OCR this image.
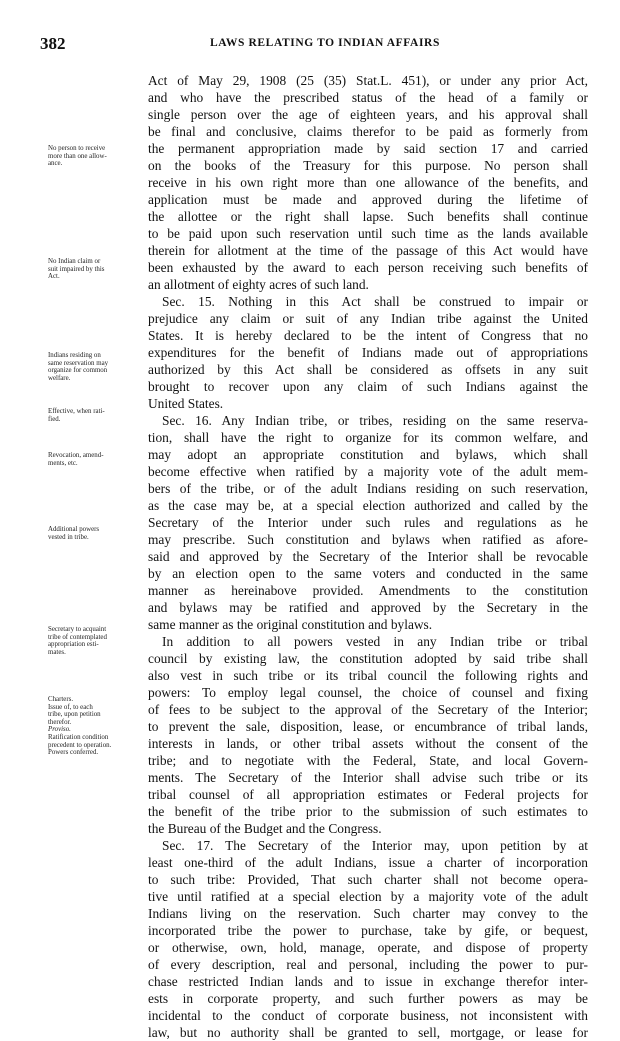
382	LAWS RELATING TO INDIAN AFFAIRS
No person to receive
more than one allow-
ance.
No Indian claim or
suit impaired by this
Act.
Indians residing on
same reservation may
organize for common
welfare.
Effective, when rati-
fied.
Revocation, amend-
ments, etc.
Additional powers
vested in tribe.
Secretary to acquaint
tribe of contemplated
appropriation esti-
mates.
Charters.
Issue of, to each
tribe, upon petition
therefor.
Proviso.
Ratification condition
precedent to operation.
Powers conferred.
Act of May 29, 1908 (25 (35) Stat.L. 451), or under any prior Act,
and who have the prescribed status of the head of a family or
single person over the age of eighteen years, and his approval shall
be final and conclusive, claims therefor to be paid as formerly from
the permanent appropriation made by said section 17 and carried
on the books of the Treasury for this purpose. No person shall
receive in his own right more than one allowance of the benefits, and
application must be made and approved during the lifetime of
the allottee or the right shall lapse. Such benefits shall continue
to be paid upon such reservation until such time as the lands available
therein for allotment at the time of the passage of this Act would have
been exhausted by the award to each person receiving such benefits of
an allotment of eighty acres of such land.
Sec. 15. Nothing in this Act shall be construed to impair or
prejudice any claim or suit of any Indian tribe against the United
States. It is hereby declared to be the intent of Congress that no
expenditures for the benefit of Indians made out of appropriations
authorized by this Act shall be considered as offsets in any suit
brought to recover upon any claim of such Indians against the
United States.
Sec. 16. Any Indian tribe, or tribes, residing on the same reserva-
tion, shall have the right to organize for its common welfare, and
may adopt an appropriate constitution and bylaws, which shall
become effective when ratified by a majority vote of the adult mem-
bers of the tribe, or of the adult Indians residing on such reservation,
as the case may be, at a special election authorized and called by the
Secretary of the Interior under such rules and regulations as he
may prescribe. Such constitution and bylaws when ratified as afore-
said and approved by the Secretary of the Interior shall be revocable
by an election open to the same voters and conducted in the same
manner as hereinabove provided. Amendments to the constitution
and bylaws may be ratified and approved by the Secretary in the
same manner as the original constitution and bylaws.
In addition to all powers vested in any Indian tribe or tribal
council by existing law, the constitution adopted by said tribe shall
also vest in such tribe or its tribal council the following rights and
powers: To employ legal counsel, the choice of counsel and fixing
of fees to be subject to the approval of the Secretary of the Interior;
to prevent the sale, disposition, lease, or encumbrance of tribal lands,
interests in lands, or other tribal assets without the consent of the
tribe; and to negotiate with the Federal, State, and local Govern-
ments. The Secretary of the Interior shall advise such tribe or its
tribal counsel of all appropriation estimates or Federal projects for
the benefit of the tribe prior to the submission of such estimates to
the Bureau of the Budget and the Congress.
Sec. 17. The Secretary of the Interior may, upon petition by at
least one-third of the adult Indians, issue a charter of incorporation
to such tribe: Provided, That such charter shall not become opera-
tive until ratified at a special election by a majority vote of the adult
Indians living on the reservation. Such charter may convey to the
incorporated tribe the power to purchase, take by gife, or bequest,
or otherwise, own, hold, manage, operate, and dispose of property
of every description, real and personal, including the power to pur-
chase restricted Indian lands and to issue in exchange therefor inter-
ests in corporate property, and such further powers as may be
incidental to the conduct of corporate business, not inconsistent with
law, but no authority shall be granted to sell, mortgage, or lease for
